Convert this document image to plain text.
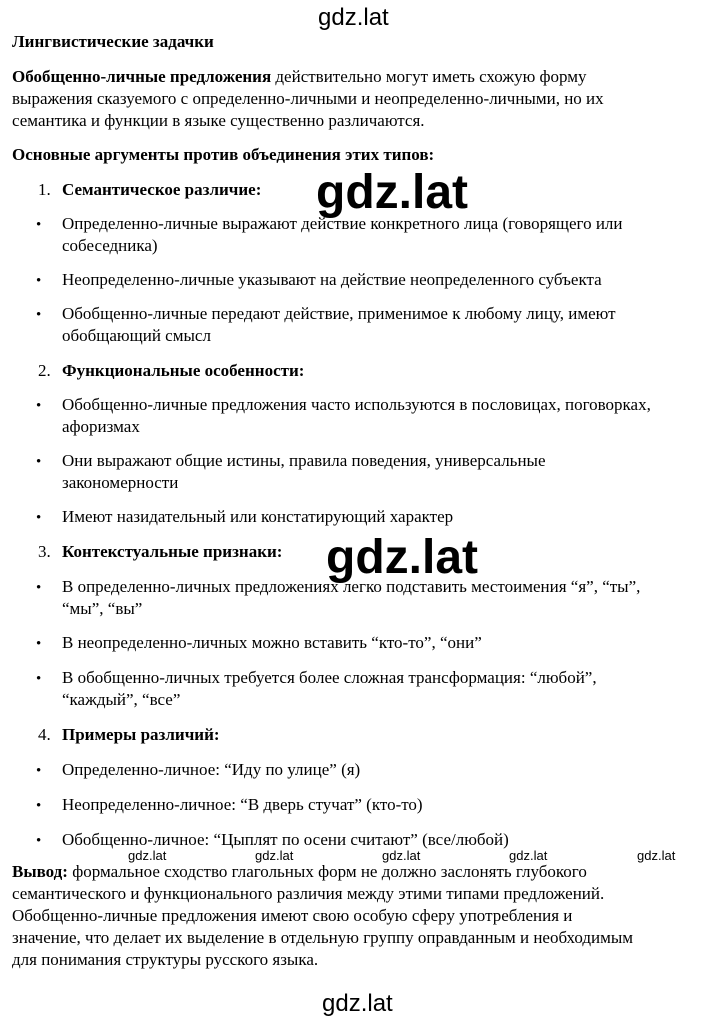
gdz.lat
Лингвистические задачки
Обобщенно-личные предложения действительно могут иметь схожую форму
выражения сказуемого с определенно-личными и неопределенно-личными, но их
семантика и функции в языке существенно различаются.
Основные аргументы против объединения этих типов:
1. Семантическое различие:
• Определенно-личные выражают действие конкретного лица (говорящего или
собеседника)
• Неопределенно-личные указывают на действие неопределенного субъекта
• Обобщенно-личные передают действие, применимое к любому лицу, имеют
обобщающий смысл
2. Функциональные особенности:
• Обобщенно-личные предложения часто используются в пословицах, поговорках,
афоризмах
• Они выражают общие истины, правила поведения, универсальные
закономерности
• Имеют назидательный или констатирующий характер
3. Контекстуальные признаки:
• В определенно-личных предложениях легко подставить местоимения “я”, “ты”,
“мы”, “вы”
• В неопределенно-личных можно вставить “кто-то”, “они”
• В обобщенно-личных требуется более сложная трансформация: “любой”,
“каждый”, “все”
4. Примеры различий:
• Определенно-личное: “Иду по улице” (я)
• Неопределенно-личное: “В дверь стучат” (кто-то)
• Обобщенно-личное: “Цыплят по осени считают” (все/любой)
Вывод: формальное сходство глагольных форм не должно заслонять глубокого
семантического и функционального различия между этими типами предложений.
Обобщенно-личные предложения имеют свою особую сферу употребления и
значение, что делает их выделение в отдельную группу оправданным и необходимым
для понимания структуры русского языка.
gdz.lat	gdz.lat	gdz.lat	gdz.lat	gdz.lat
gdz.lat
gdz.lat
gdz.lat
